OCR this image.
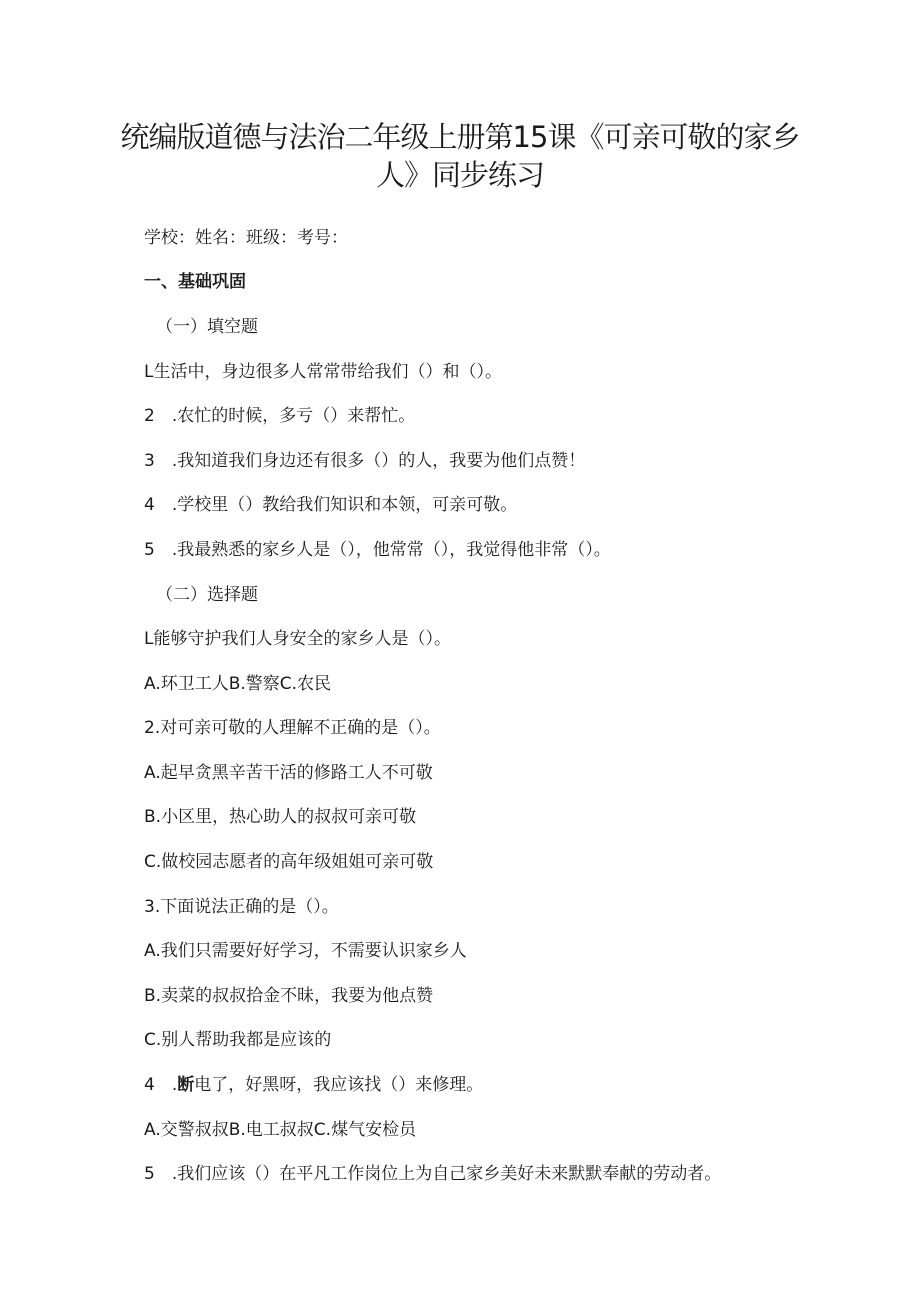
统编版道德与法治二年级上册第15课《可亲可敬的家乡人》同步练习

学校：姓名：班级：考号：

一、基础巩固

（一）填空题

L生活中，身边很多人常常带给我们（）和（）。

2　.农忙的时候，多亏（）来帮忙。

3　.我知道我们身边还有很多（）的人，我要为他们点赞！

4　.学校里（）教给我们知识和本领，可亲可敬。

5　.我最熟悉的家乡人是（），他常常（），我觉得他非常（）。

（二）选择题

L能够守护我们人身安全的家乡人是（）。

A.环卫工人B.警察C.农民

2.对可亲可敬的人理解不正确的是（）。

A.起早贪黑辛苦干活的修路工人不可敬

B.小区里，热心助人的叔叔可亲可敬

C.做校园志愿者的高年级姐姐可亲可敬

3.下面说法正确的是（）。

A.我们只需要好好学习，不需要认识家乡人

B.卖菜的叔叔拾金不昧，我要为他点赞

C.别人帮助我都是应该的

4　.断电了，好黑呀，我应该找（）来修理。

A.交警叔叔B.电工叔叔C.煤气安检员

5　.我们应该（）在平凡工作岗位上为自己家乡美好未来默默奉献的劳动者。
